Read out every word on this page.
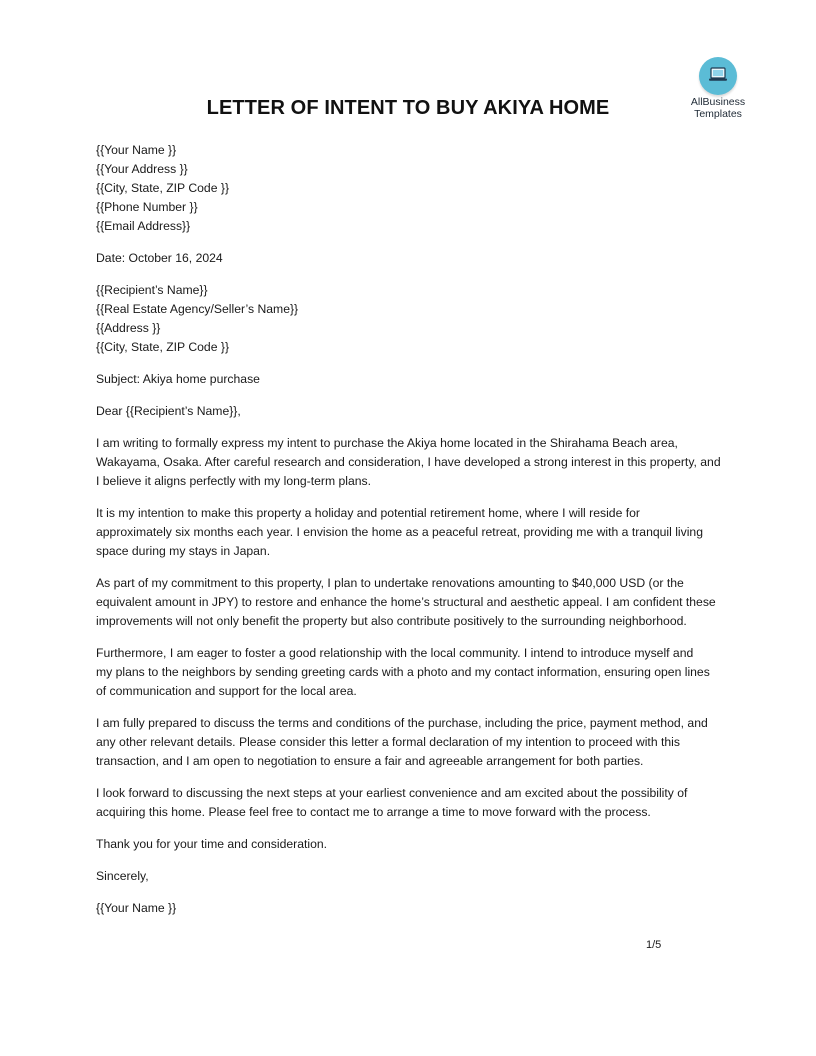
AllBusiness
Templates
LETTER OF INTENT TO BUY AKIYA HOME
{{Your Name }}
{{Your Address }}
{{City, State, ZIP Code }}
{{Phone Number }}
{{Email Address}}
Date: October 16, 2024
{{Recipient’s Name}}
{{Real Estate Agency/Seller’s Name}}
{{Address }}
{{City, State, ZIP Code }}
Subject: Akiya home purchase
Dear {{Recipient’s Name}},
I am writing to formally express my intent to purchase the Akiya home located in the Shirahama Beach area,
Wakayama, Osaka. After careful research and consideration, I have developed a strong interest in this property, and
I believe it aligns perfectly with my long-term plans.
It is my intention to make this property a holiday and potential retirement home, where I will reside for
approximately six months each year. I envision the home as a peaceful retreat, providing me with a tranquil living
space during my stays in Japan.
As part of my commitment to this property, I plan to undertake renovations amounting to $40,000 USD (or the
equivalent amount in JPY) to restore and enhance the home’s structural and aesthetic appeal. I am confident these
improvements will not only benefit the property but also contribute positively to the surrounding neighborhood.
Furthermore, I am eager to foster a good relationship with the local community. I intend to introduce myself and
my plans to the neighbors by sending greeting cards with a photo and my contact information, ensuring open lines
of communication and support for the local area.
I am fully prepared to discuss the terms and conditions of the purchase, including the price, payment method, and
any other relevant details. Please consider this letter a formal declaration of my intention to proceed with this
transaction, and I am open to negotiation to ensure a fair and agreeable arrangement for both parties.
I look forward to discussing the next steps at your earliest convenience and am excited about the possibility of
acquiring this home. Please feel free to contact me to arrange a time to move forward with the process.
Thank you for your time and consideration.
Sincerely,
{{Your Name }}
1/5
